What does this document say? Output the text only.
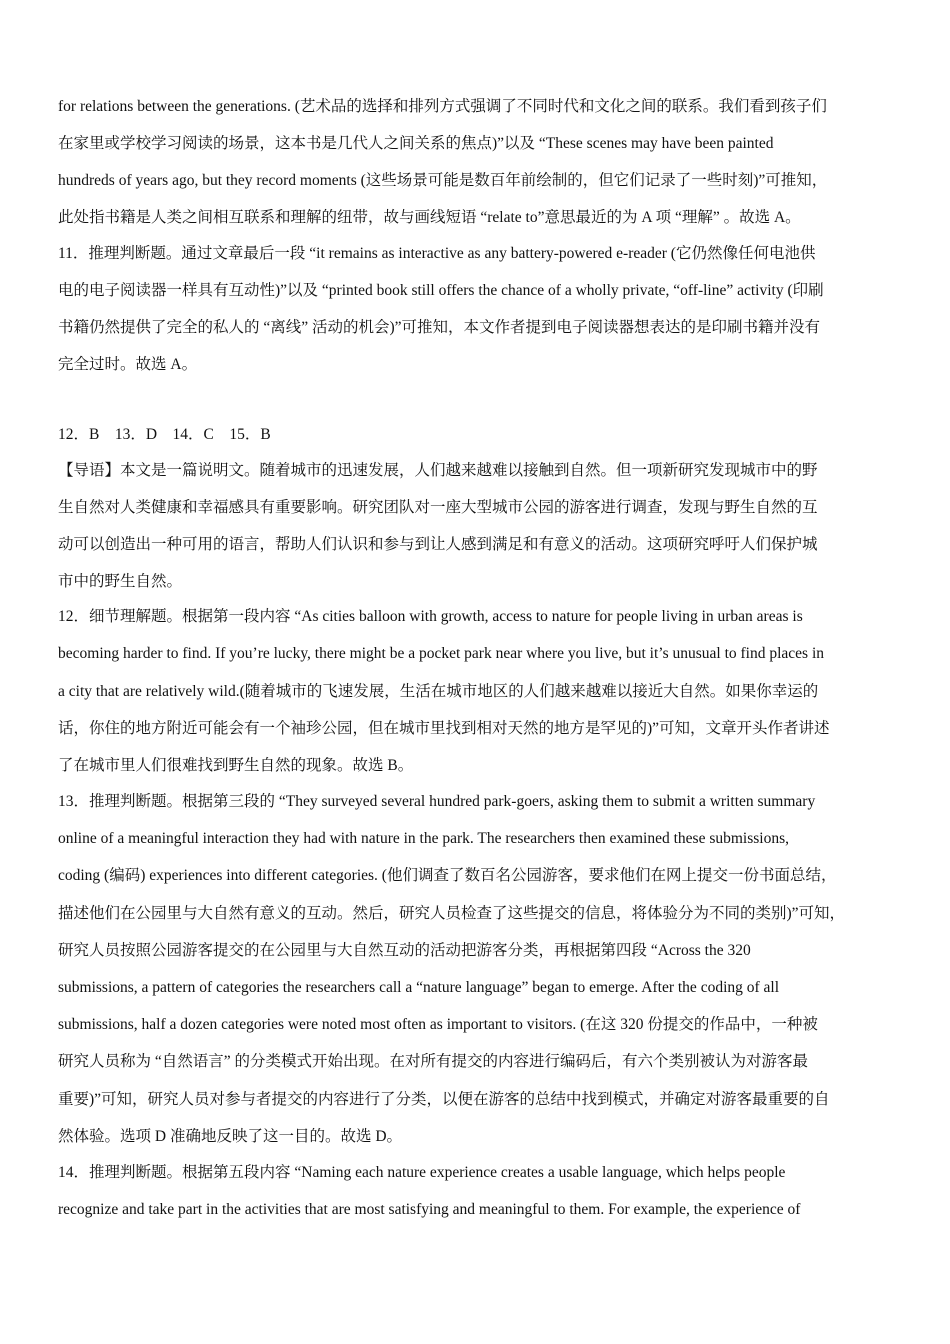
for relations between the generations. (艺术品的选择和排列方式强调了不同时代和文化之间的联系。我们看到孩子们
在家里或学校学习阅读的场景，这本书是几代人之间关系的焦点)”以及 “These scenes may have been painted
hundreds of years ago, but they record moments (这些场景可能是数百年前绘制的，但它们记录了一些时刻)”可推知，
此处指书籍是人类之间相互联系和理解的纽带，故与画线短语 “relate to”意思最近的为 A 项 “理解” 。故选 A。
11．推理判断题。通过文章最后一段 “it remains as interactive as any battery-powered e-reader (它仍然像任何电池供
电的电子阅读器一样具有互动性)”以及 “printed book still offers the chance of a wholly private, “off-line” activity (印刷
书籍仍然提供了完全的私人的 “离线” 活动的机会)”可推知，本文作者提到电子阅读器想表达的是印刷书籍并没有
完全过时。故选 A。
12．B　13．D　14．C　15．B
【导语】本文是一篇说明文。随着城市的迅速发展，人们越来越难以接触到自然。但一项新研究发现城市中的野
生自然对人类健康和幸福感具有重要影响。研究团队对一座大型城市公园的游客进行调查，发现与野生自然的互
动可以创造出一种可用的语言，帮助人们认识和参与到让人感到满足和有意义的活动。这项研究呼吁人们保护城
市中的野生自然。
12．细节理解题。根据第一段内容 “As cities balloon with growth, access to nature for people living in urban areas is
becoming harder to find. If you’re lucky, there might be a pocket park near where you live, but it’s unusual to find places in
a city that are relatively wild.(随着城市的飞速发展，生活在城市地区的人们越来越难以接近大自然。如果你幸运的
话，你住的地方附近可能会有一个袖珍公园，但在城市里找到相对天然的地方是罕见的)”可知，文章开头作者讲述
了在城市里人们很难找到野生自然的现象。故选 B。
13．推理判断题。根据第三段的 “They surveyed several hundred park-goers, asking them to submit a written summary
online of a meaningful interaction they had with nature in the park. The researchers then examined these submissions,
coding (编码) experiences into different categories. (他们调查了数百名公园游客，要求他们在网上提交一份书面总结，
描述他们在公园里与大自然有意义的互动。然后，研究人员检查了这些提交的信息，将体验分为不同的类别)”可知，
研究人员按照公园游客提交的在公园里与大自然互动的活动把游客分类，再根据第四段 “Across the 320
submissions, a pattern of categories the researchers call a “nature language” began to emerge. After the coding of all
submissions, half a dozen categories were noted most often as important to visitors. (在这 320 份提交的作品中，一种被
研究人员称为 “自然语言” 的分类模式开始出现。在对所有提交的内容进行编码后，有六个类别被认为对游客最
重要)”可知，研究人员对参与者提交的内容进行了分类，以便在游客的总结中找到模式，并确定对游客最重要的自
然体验。选项 D 准确地反映了这一目的。故选 D。
14．推理判断题。根据第五段内容 “Naming each nature experience creates a usable language, which helps people
recognize and take part in the activities that are most satisfying and meaningful to them. For example, the experience of
